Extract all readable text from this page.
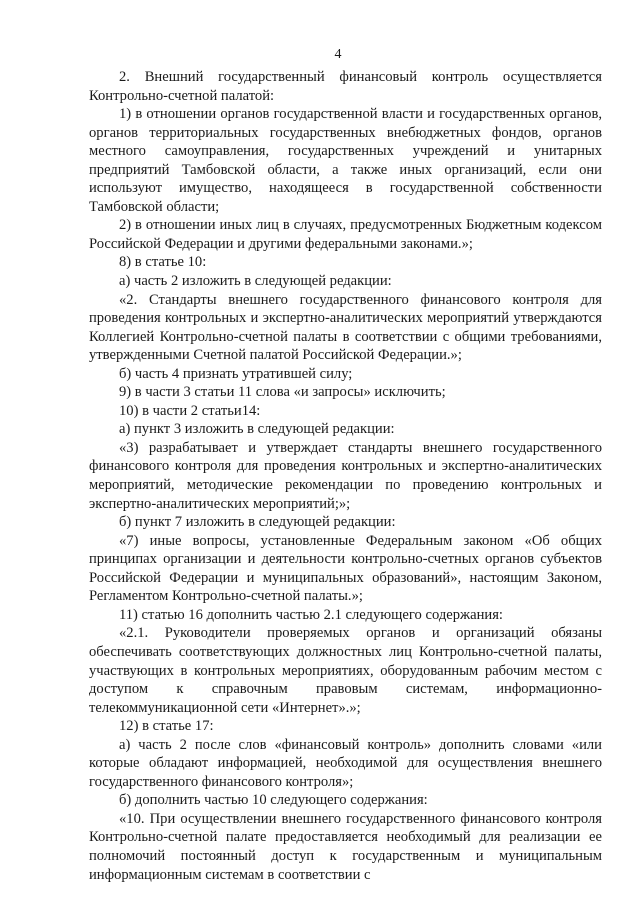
4

2. Внешний государственный финансовый контроль осуществляется Контрольно-счетной палатой:

1) в отношении органов государственной власти и государственных органов, органов территориальных государственных внебюджетных фондов, органов местного самоуправления, государственных учреждений и унитарных предприятий Тамбовской области, а также иных организаций, если они используют имущество, находящееся в государственной собственности Тамбовской области;

2) в отношении иных лиц в случаях, предусмотренных Бюджетным кодексом Российской Федерации и другими федеральными законами.»;

8) в статье 10:

а) часть 2 изложить в следующей редакции:

«2. Стандарты внешнего государственного финансового контроля для проведения контрольных и экспертно-аналитических мероприятий утверждаются Коллегией Контрольно-счетной палаты в соответствии с общими требованиями, утвержденными Счетной палатой Российской Федерации.»;

б) часть 4 признать утратившей силу;

9) в части 3 статьи 11 слова «и запросы» исключить;

10) в части 2 статьи14:

а) пункт 3 изложить в следующей редакции:

«3) разрабатывает и утверждает стандарты внешнего государственного финансового контроля для проведения контрольных и экспертно-аналитических мероприятий, методические рекомендации по проведению контрольных и экспертно-аналитических мероприятий;»;

б) пункт 7 изложить в следующей редакции:

«7) иные вопросы, установленные Федеральным законом «Об общих принципах организации и деятельности контрольно-счетных органов субъектов Российской Федерации и муниципальных образований», настоящим Законом, Регламентом Контрольно-счетной палаты.»;

11) статью 16 дополнить частью 2.1 следующего содержания:

«2.1. Руководители проверяемых органов и организаций обязаны обеспечивать соответствующих должностных лиц Контрольно-счетной палаты, участвующих в контрольных мероприятиях, оборудованным рабочим местом с доступом к справочным правовым системам, информационно-телекоммуникационной сети «Интернет».»;

12) в статье 17:

а) часть 2 после слов «финансовый контроль» дополнить словами «или которые обладают информацией, необходимой для осуществления внешнего государственного финансового контроля»;

б) дополнить частью 10 следующего содержания:

«10. При осуществлении внешнего государственного финансового контроля Контрольно-счетной палате предоставляется необходимый для реализации ее полномочий постоянный доступ к государственным и муниципальным информационным системам в соответствии с
